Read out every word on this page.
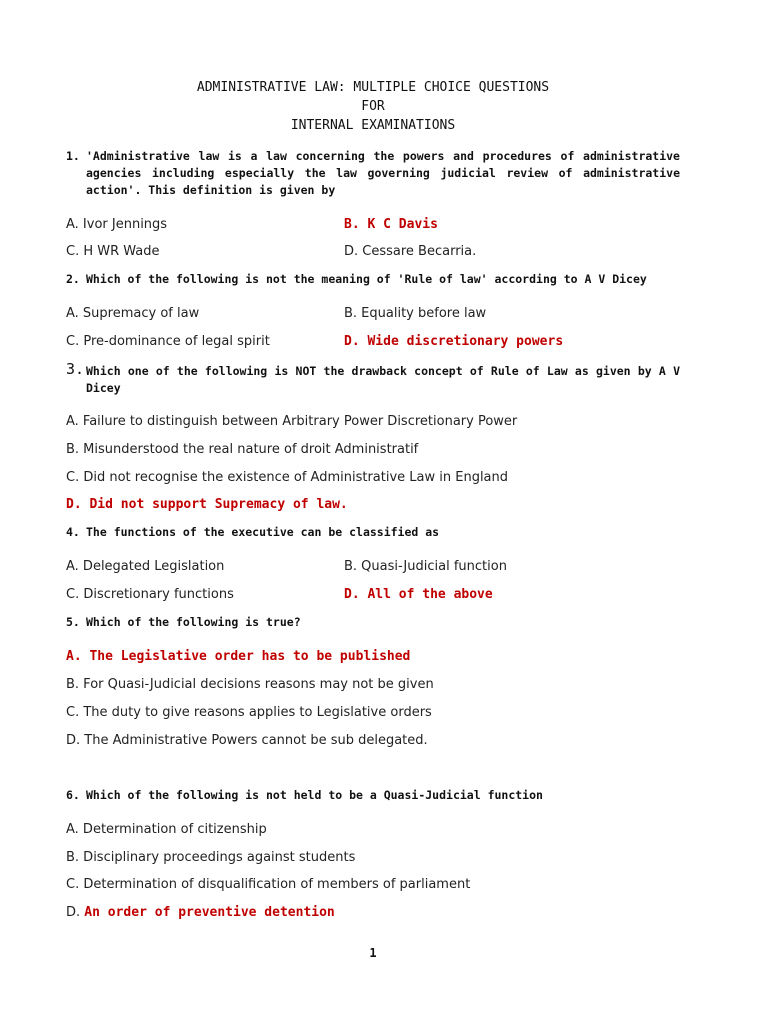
ADMINISTRATIVE LAW: MULTIPLE CHOICE QUESTIONS
FOR
INTERNAL EXAMINATIONS
1. 'Administrative law is a law concerning the powers and procedures of administrative agencies including especially the law governing judicial review of administrative action'. This definition is given by
A. Ivor Jennings	B. K C Davis
C. H WR Wade	D. Cessare Becarria.
2. Which of the following is not the meaning of 'Rule of law' according to A V Dicey
A. Supremacy of law	B. Equality before law
C. Pre-dominance of legal spirit	D. Wide discretionary powers
3. Which one of the following is NOT the drawback concept of Rule of Law as given by A V Dicey
A. Failure to distinguish between Arbitrary Power Discretionary Power
B. Misunderstood the real nature of droit Administratif
C. Did not recognise the existence of Administrative Law in England
D. Did not support Supremacy of law.
4. The functions of the executive can be classified as
A. Delegated Legislation	B. Quasi-Judicial function
C. Discretionary functions	D. All of the above
5. Which of the following is true?
A. The Legislative order has to be published
B. For Quasi-Judicial decisions reasons may not be given
C. The duty to give reasons applies to Legislative orders
D. The Administrative Powers cannot be sub delegated.
6. Which of the following is not held to be a Quasi-Judicial function
A. Determination of citizenship
B. Disciplinary proceedings against students
C. Determination of disqualification of members of parliament
D. An order of preventive detention
1
